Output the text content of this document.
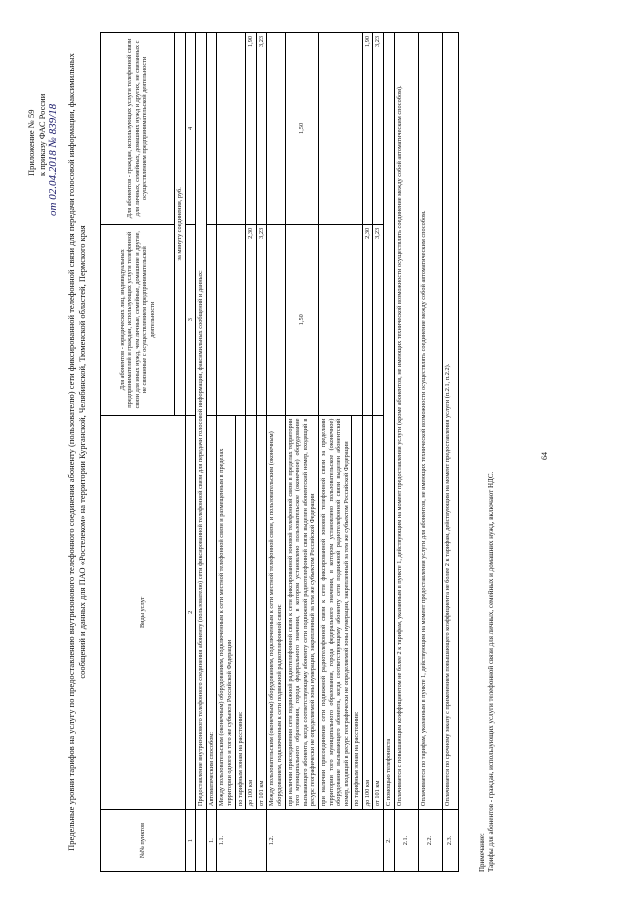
Приложение № 59 к приказу ФАС России от 02.04.2018 № 839/18 Предельные уровни тарифов на услугу по предоставлению внутризонового телефонного соединения абоненту (пользователю) сети фиксированной телефонной связи для передачи голосовой информации, факсимильных сообщений и данных для ПАО «Ростелеком» на территории Курганской, Челябинской, Тюменской областей, Пермского края
№№ пунктов	Виды услуг	Для абонентов - юридических лиц, индивидуальных предпринимателей и граждан, использующих услуги телефонной связи для иных нужд, чем личные, семейные, домашние и другие, не связанные с осуществлением предпринимательской деятельности	Для абонентов - граждан, использующих услуги телефонной связи для личных, семейных, домашних нужд и других, не связанных с осуществлением предпринимательской деятельности
		за минуту соединения, руб.	
1	2	3	4
	Предоставление внутризонового телефонного соединения абоненту (пользователю) сети фиксированной телефонной связи для передачи голосовой информации, факсимильных сообщений и данных:		
1.	Автоматическим способом:		
1.1.	Между пользовательским (оконечным) оборудованием, подключенным к сети местной телефонной связи и размещенным в пределах территории одного и того же субъекта Российской Федерации		
	по тарифным зонам на расстоянии:		
	до 100 км	2,30	1,90
	от 101 км	3,23	3,23
1.2.	Между пользовательским (оконечным) оборудованием, подключенным к сети местной телефонной связи, и пользовательским (оконечным) оборудованием, подключенным к сети подвижной радиотелефонной связи:		
	при наличии присоединения сети подвижной радиотелефонной связи к сети фиксированной зоновой телефонной связи в пределах территории того муниципального образования, города федерального значения, в котором установлено пользовательское (оконечное) оборудование вызывающего абонента, когда соответствующему абоненту сети подвижной радиотелефонной связи выделен абонентский номер, входящий в ресурс географически не определяемой зоны нумерации, закрепленный за тем же субъектом Российской Федерации	1,50	1,50
	при наличии присоединения сети подвижной радиотелефонной связи к сети фиксированной зоновой телефонной связи за пределами территории того муниципального образования, города федерального значения, в котором установлено пользовательское (оконечное) оборудование вызывающего абонента, когда соответствующему абоненту сети подвижной радиотелефонной связи выделен абонентский номер, входящий в ресурс географически не определяемой зоны нумерации, закрепленный за тем же субъектом Российской Федерации		
	по тарифным зонам на расстоянии:		
	до 100 км	2,30	1,90
	от 101 км	3,23	3,23
2.	С помощью телефониста		
2.1.	Оплачивается с повышающим коэффициентом не более 2 к тарифам, указанным в пункте 1, действующим на момент предоставления услуги (кроме абонентов, не имеющих технической возможности осуществлять соединение между собой автоматическим способом).		
2.2.	Оплачивается по тарифам, указанным в пункте 1, действующим на момент предоставления услуги для абонентов, не имеющих технической возможности осуществлять соединение между собой автоматическим способом.		
2.3.	Оплачивается по срочному заказу с применением повышающего коэффициента не более 2 к тарифам, действующим на момент предоставления услуги (п.2.1, п.2.2).		
Примечание: Тарифы для абонентов - граждан, использующих услуги телефонной связи для личных, семейных и домашних нужд, включают НДС.
64
